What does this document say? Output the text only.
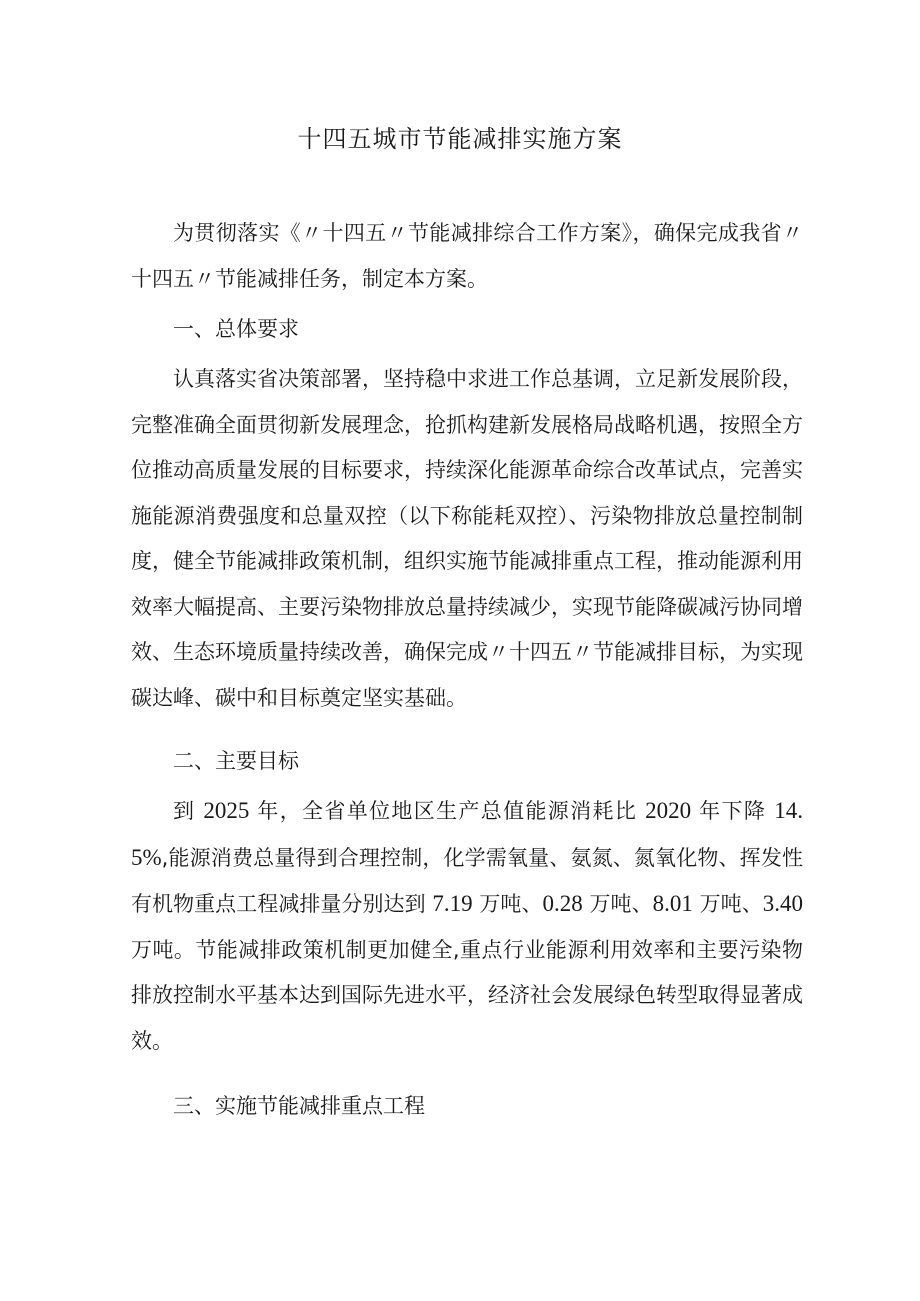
十四五城市节能减排实施方案

为贯彻落实《〃十四五〃节能减排综合工作方案》，确保完成我省〃十四五〃节能减排任务，制定本方案。

一、总体要求

认真落实省决策部署，坚持稳中求进工作总基调，立足新发展阶段，完整准确全面贯彻新发展理念，抢抓构建新发展格局战略机遇，按照全方位推动高质量发展的目标要求，持续深化能源革命综合改革试点，完善实施能源消费强度和总量双控（以下称能耗双控）、污染物排放总量控制制度，健全节能减排政策机制，组织实施节能减排重点工程，推动能源利用效率大幅提高、主要污染物排放总量持续减少，实现节能降碳减污协同增效、生态环境质量持续改善，确保完成〃十四五〃节能减排目标，为实现碳达峰、碳中和目标奠定坚实基础。

二、主要目标

到 2025 年，全省单位地区生产总值能源消耗比 2020 年下降 14.5%,能源消费总量得到合理控制，化学需氧量、氨氮、氮氧化物、挥发性有机物重点工程减排量分别达到 7.19 万吨、0.28 万吨、8.01 万吨、3.40 万吨。节能减排政策机制更加健全,重点行业能源利用效率和主要污染物排放控制水平基本达到国际先进水平，经济社会发展绿色转型取得显著成效。

三、实施节能减排重点工程
